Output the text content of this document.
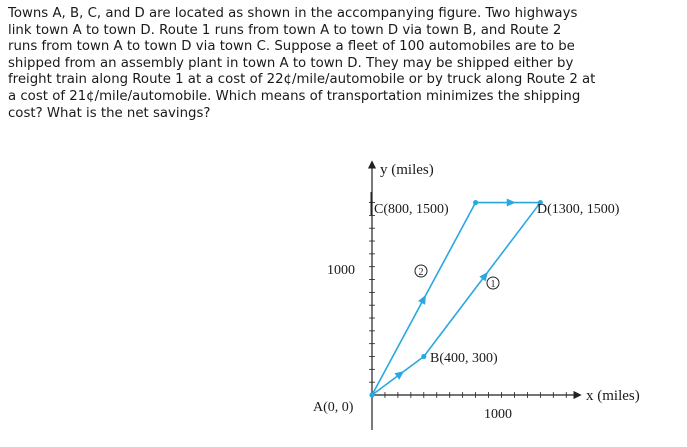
Towns A, B, C, and D are located as shown in the accompanying figure. Two highways
link town A to town D. Route 1 runs from town A to town D via town B, and Route 2
runs from town A to town D via town C. Suppose a fleet of 100 automobiles are to be
shipped from an assembly plant in town A to town D. They may be shipped either by
freight train along Route 1 at a cost of 22¢/mile/automobile or by truck along Route 2 at
a cost of 21¢/mile/automobile. Which means of transportation minimizes the shipping
cost? What is the net savings?
y (miles)
x (miles)
1000
1000
A(0, 0)
B(400, 300)
C(800, 1500)	D(1300, 1500)
2
1
